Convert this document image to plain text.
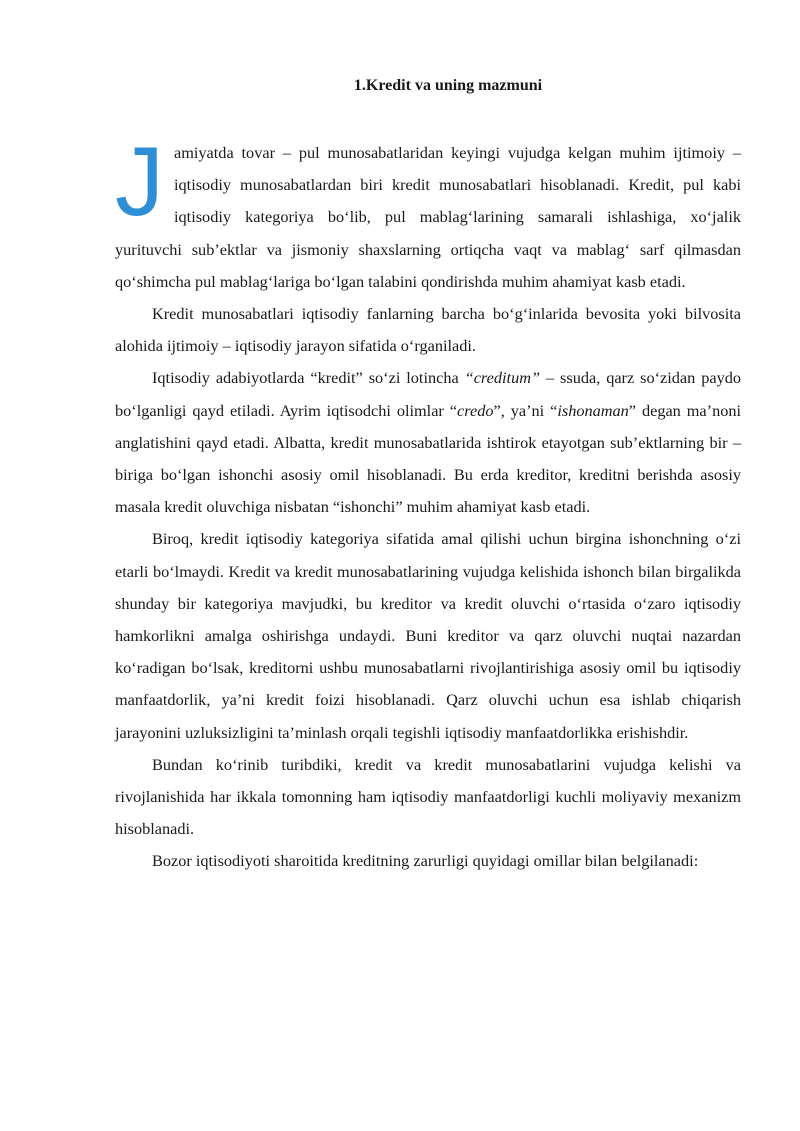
1.Kredit va uning mazmuni

Jamiyatda tovar – pul munosabatlaridan keyingi vujudga kelgan muhim ijtimoiy – iqtisodiy munosabatlardan biri kredit munosabatlari hisoblanadi. Kredit, pul kabi iqtisodiy kategoriya bo‘lib, pul mablag‘larining samarali ishlashiga, xo‘jalik yurituvchi sub’ektlar va jismoniy shaxslarning ortiqcha vaqt va mablag‘ sarf qilmasdan qo‘shimcha pul mablag‘lariga bo‘lgan talabini qondirishda muhim ahamiyat kasb etadi.

Kredit munosabatlari iqtisodiy fanlarning barcha bo‘g‘inlarida bevosita yoki bilvosita alohida ijtimoiy – iqtisodiy jarayon sifatida o‘rganiladi.

Iqtisodiy adabiyotlarda “kredit” so‘zi lotincha “creditum” – ssuda, qarz so‘zidan paydo bo‘lganligi qayd etiladi. Ayrim iqtisodchi olimlar “credo”, ya’ni “ishonaman” degan ma’noni anglatishini qayd etadi. Albatta, kredit munosabatlarida ishtirok etayotgan sub’ektlarning bir – biriga bo‘lgan ishonchi asosiy omil hisoblanadi. Bu erda kreditor, kreditni berishda asosiy masala kredit oluvchiga nisbatan “ishonchi” muhim ahamiyat kasb etadi.

Biroq, kredit iqtisodiy kategoriya sifatida amal qilishi uchun birgina ishonchning o‘zi etarli bo‘lmaydi. Kredit va kredit munosabatlarining vujudga kelishida ishonch bilan birgalikda shunday bir kategoriya mavjudki, bu kreditor va kredit oluvchi o‘rtasida o‘zaro iqtisodiy hamkorlikni amalga oshirishga undaydi. Buni kreditor va qarz oluvchi nuqtai nazardan ko‘radigan bo‘lsak, kreditorni ushbu munosabatlarni rivojlantirishiga asosiy omil bu iqtisodiy manfaatdorlik, ya’ni kredit foizi hisoblanadi. Qarz oluvchi uchun esa ishlab chiqarish jarayonini uzluksizligini ta’minlash orqali tegishli iqtisodiy manfaatdorlikka erishishdir.

Bundan ko‘rinib turibdiki, kredit va kredit munosabatlarini vujudga kelishi va rivojlanishida har ikkala tomonning ham iqtisodiy manfaatdorligi kuchli moliyaviy mexanizm hisoblanadi.

Bozor iqtisodiyoti sharoitida kreditning zarurligi quyidagi omillar bilan belgilanadi:
